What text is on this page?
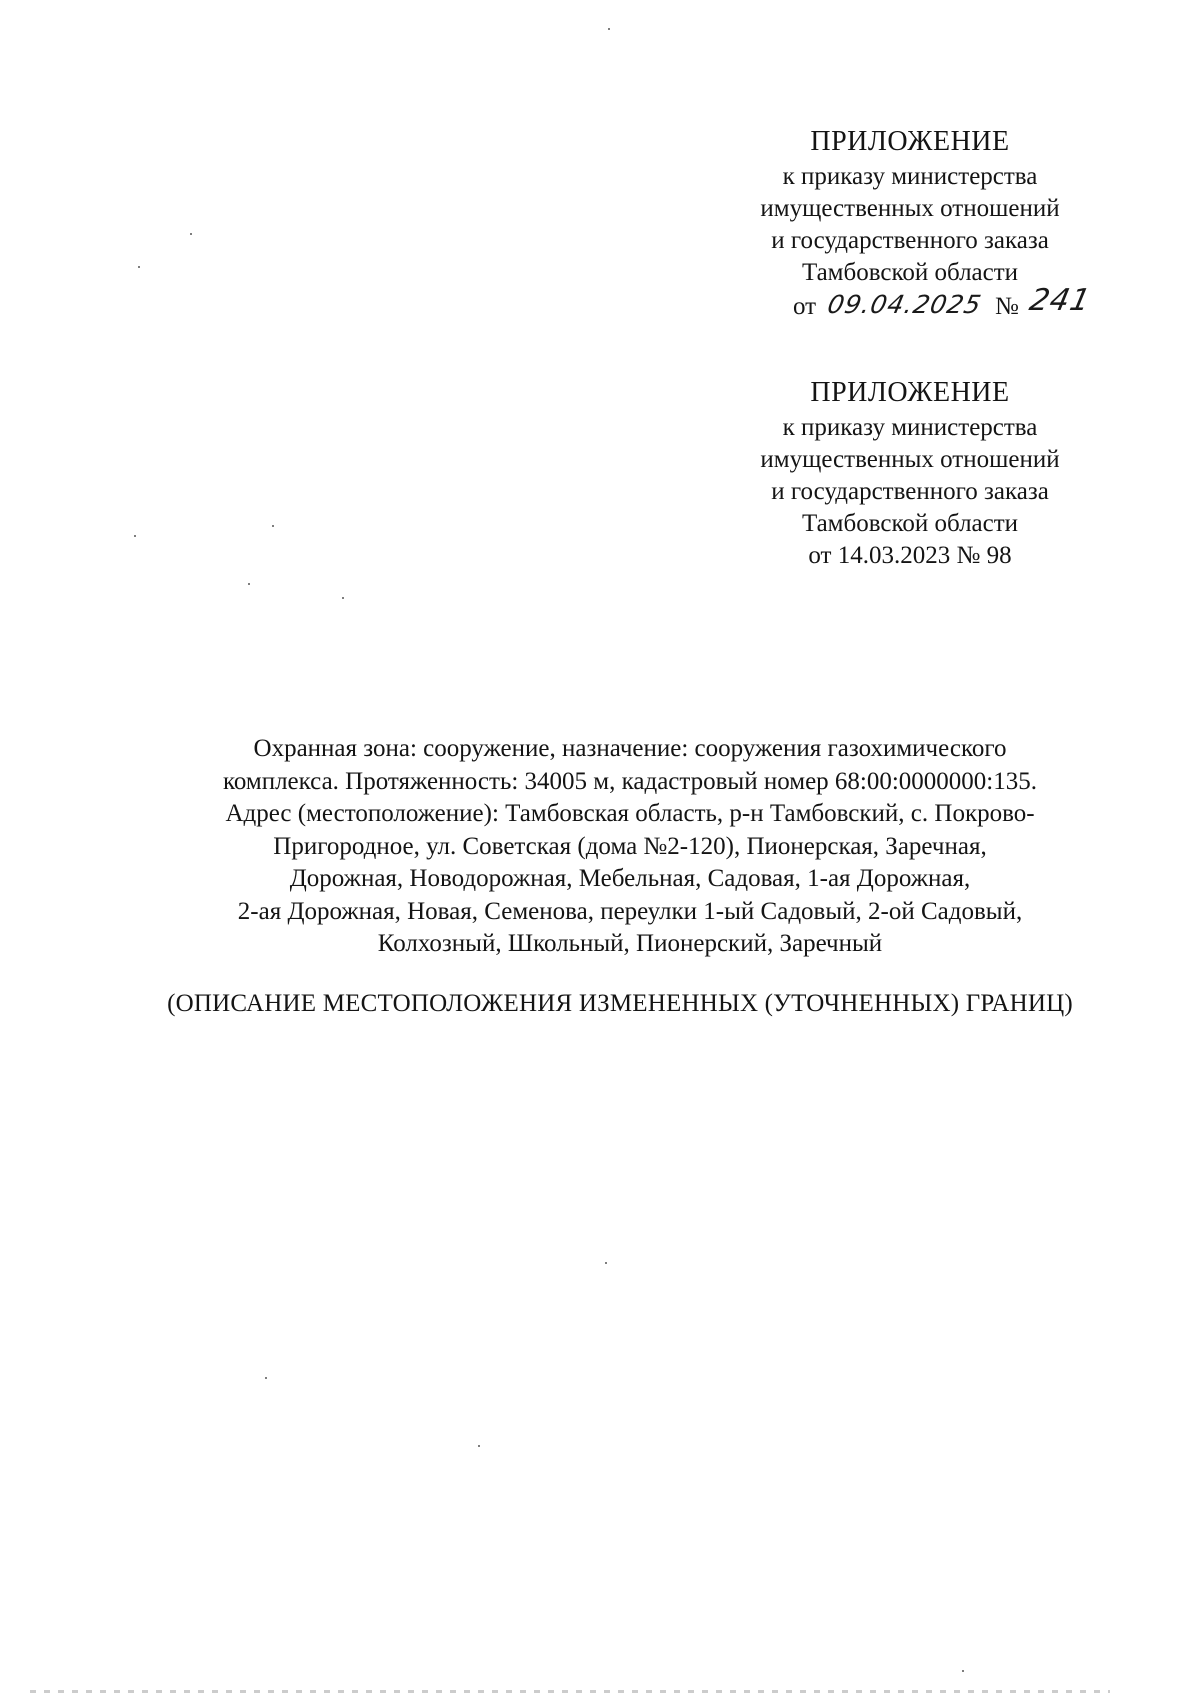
ПРИЛОЖЕНИЕ
к приказу министерства
имущественных отношений
и государственного заказа
Тамбовской области
от 09.04.2025 № 241
ПРИЛОЖЕНИЕ
к приказу министерства
имущественных отношений
и государственного заказа
Тамбовской области
от 14.03.2023 № 98
Охранная зона: сооружение, назначение: сооружения газохимического
комплекса. Протяженность: 34005 м, кадастровый номер 68:00:0000000:135.
Адрес (местоположение): Тамбовская область, р-н Тамбовский, с. Покрово-
Пригородное, ул. Советская (дома №2-120), Пионерская, Заречная,
Дорожная, Новодорожная, Мебельная, Садовая, 1-ая Дорожная,
2-ая Дорожная, Новая, Семенова, переулки 1-ый Садовый, 2-ой Садовый,
Колхозный, Школьный, Пионерский, Заречный
(ОПИСАНИЕ МЕСТОПОЛОЖЕНИЯ ИЗМЕНЕННЫХ (УТОЧНЕННЫХ) ГРАНИЦ)
